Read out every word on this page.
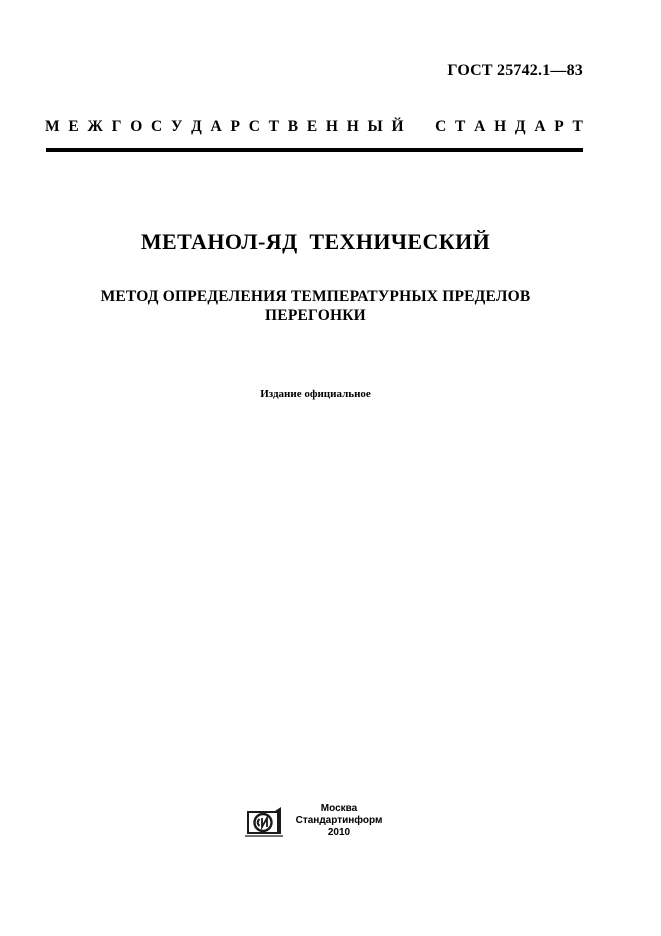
ГОСТ 25742.1—83
М Е Ж Г О С У Д А Р С Т В Е Н Н Ы Й
С Т А Н Д А Р Т
МЕТАНОЛ-ЯД  ТЕХНИЧЕСКИЙ
МЕТОД ОПРЕДЕЛЕНИЯ ТЕМПЕРАТУРНЫХ ПРЕДЕЛОВ
ПЕРЕГОНКИ
Издание официальное
Москва
Стандартинформ
2010
